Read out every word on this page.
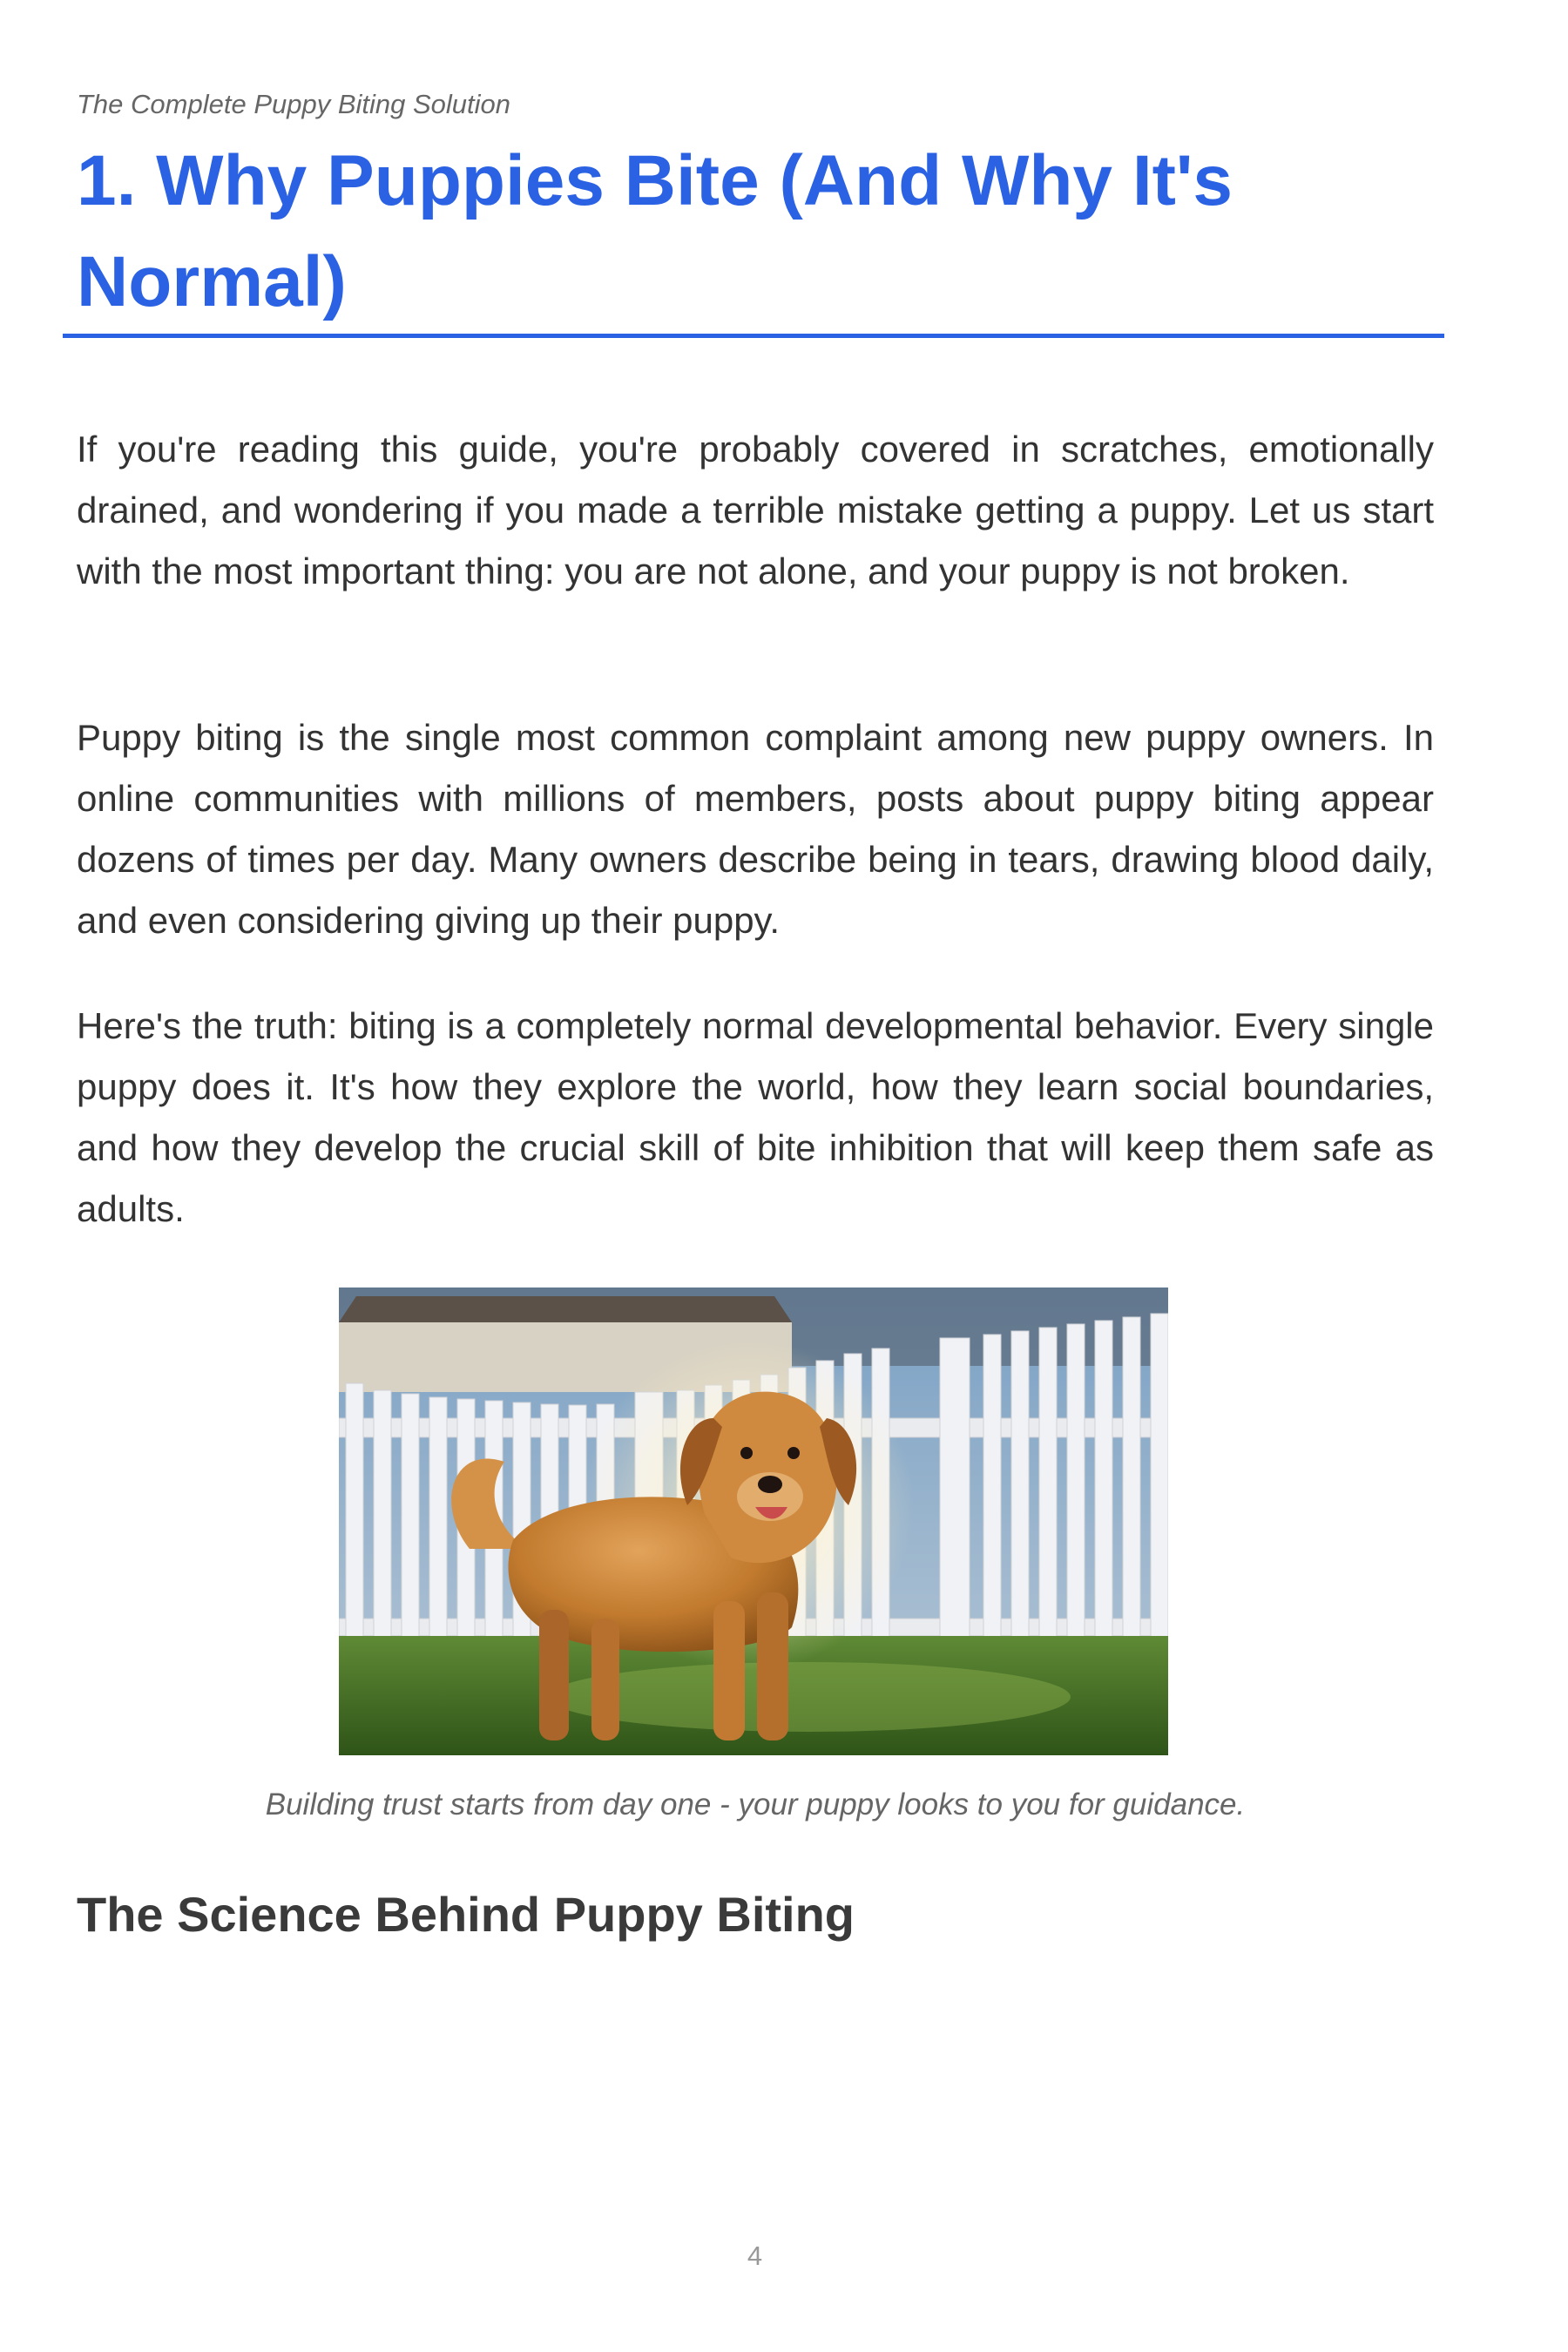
The Complete Puppy Biting Solution

1. Why Puppies Bite (And Why It's Normal)

If you're reading this guide, you're probably covered in scratches, emotionally drained, and wondering if you made a terrible mistake getting a puppy. Let us start with the most important thing: you are not alone, and your puppy is not broken.

Puppy biting is the single most common complaint among new puppy owners. In online communities with millions of members, posts about puppy biting appear dozens of times per day. Many owners describe being in tears, drawing blood daily, and even considering giving up their puppy.

Here's the truth: biting is a completely normal developmental behavior. Every single puppy does it. It's how they explore the world, how they learn social boundaries, and how they develop the crucial skill of bite inhibition that will keep them safe as adults.

Building trust starts from day one - your puppy looks to you for guidance.

The Science Behind Puppy Biting
4
